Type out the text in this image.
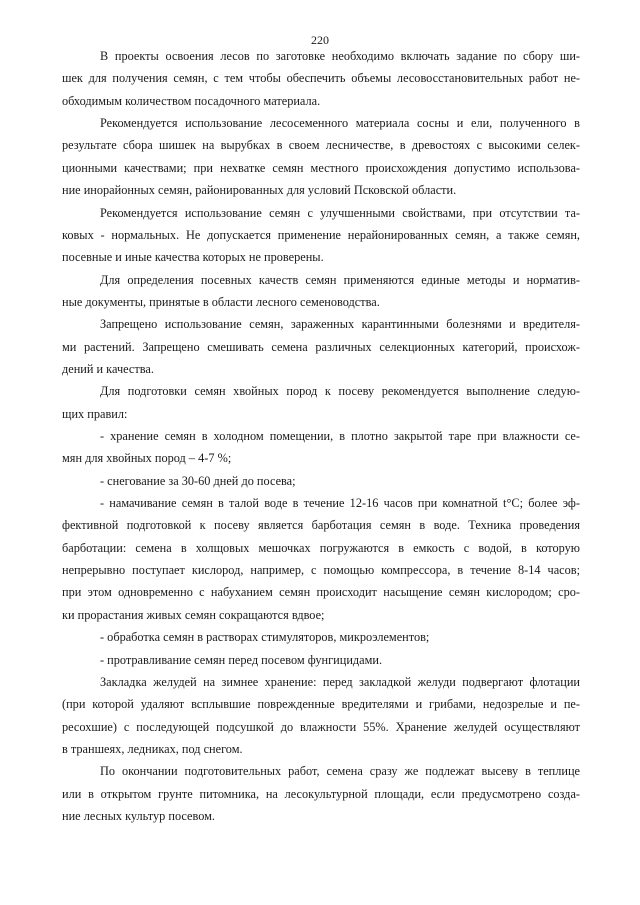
220
В проекты освоения лесов по заготовке необходимо включать задание по сбору ши-
шек для получения семян, с тем чтобы обеспечить объемы лесовосстановительных работ не-
обходимым количеством посадочного материала.
Рекомендуется использование лесосеменного материала сосны и ели, полученного в
результате сбора шишек на вырубках в своем лесничестве, в древостоях с высокими селек-
ционными качествами; при нехватке семян местного происхождения допустимо использова-
ние инорайонных семян, районированных для условий Псковской области.
Рекомендуется использование семян с улучшенными свойствами, при отсутствии та-
ковых - нормальных. Не допускается применение нерайонированных семян, а также семян,
посевные и иные качества которых не проверены.
Для определения посевных качеств семян применяются единые методы и норматив-
ные документы, принятые в области лесного семеноводства.
Запрещено использование семян, зараженных карантинными болезнями и вредителя-
ми растений. Запрещено смешивать семена различных селекционных категорий, происхож-
дений и качества.
Для подготовки семян хвойных пород к посеву рекомендуется выполнение следую-
щих правил:
- хранение семян в холодном помещении, в плотно закрытой таре при влажности се-
мян для хвойных пород – 4-7 %;
- снегование за 30-60 дней до посева;
- намачивание семян в талой воде в течение 12-16 часов при комнатной t°С; более эф-
фективной подготовкой к посеву является барботация семян в воде. Техника проведения
барботации: семена в холщовых мешочках погружаются в емкость с водой, в которую
непрерывно поступает кислород, например, с помощью компрессора, в течение 8-14 часов;
при этом одновременно с набуханием семян происходит насыщение семян кислородом; сро-
ки прорастания живых семян сокращаются вдвое;
- обработка семян в растворах стимуляторов, микроэлементов;
- протравливание семян перед посевом фунгицидами.
Закладка желудей на зимнее хранение: перед закладкой желуди подвергают флотации
(при которой удаляют всплывшие поврежденные вредителями и грибами, недозрелые и пе-
ресохшие) с последующей подсушкой до влажности 55%. Хранение желудей осуществляют
в траншеях, ледниках, под снегом.
По окончании подготовительных работ, семена сразу же подлежат высеву в теплице
или в открытом грунте питомника, на лесокультурной площади, если предусмотрено созда-
ние лесных культур посевом.
